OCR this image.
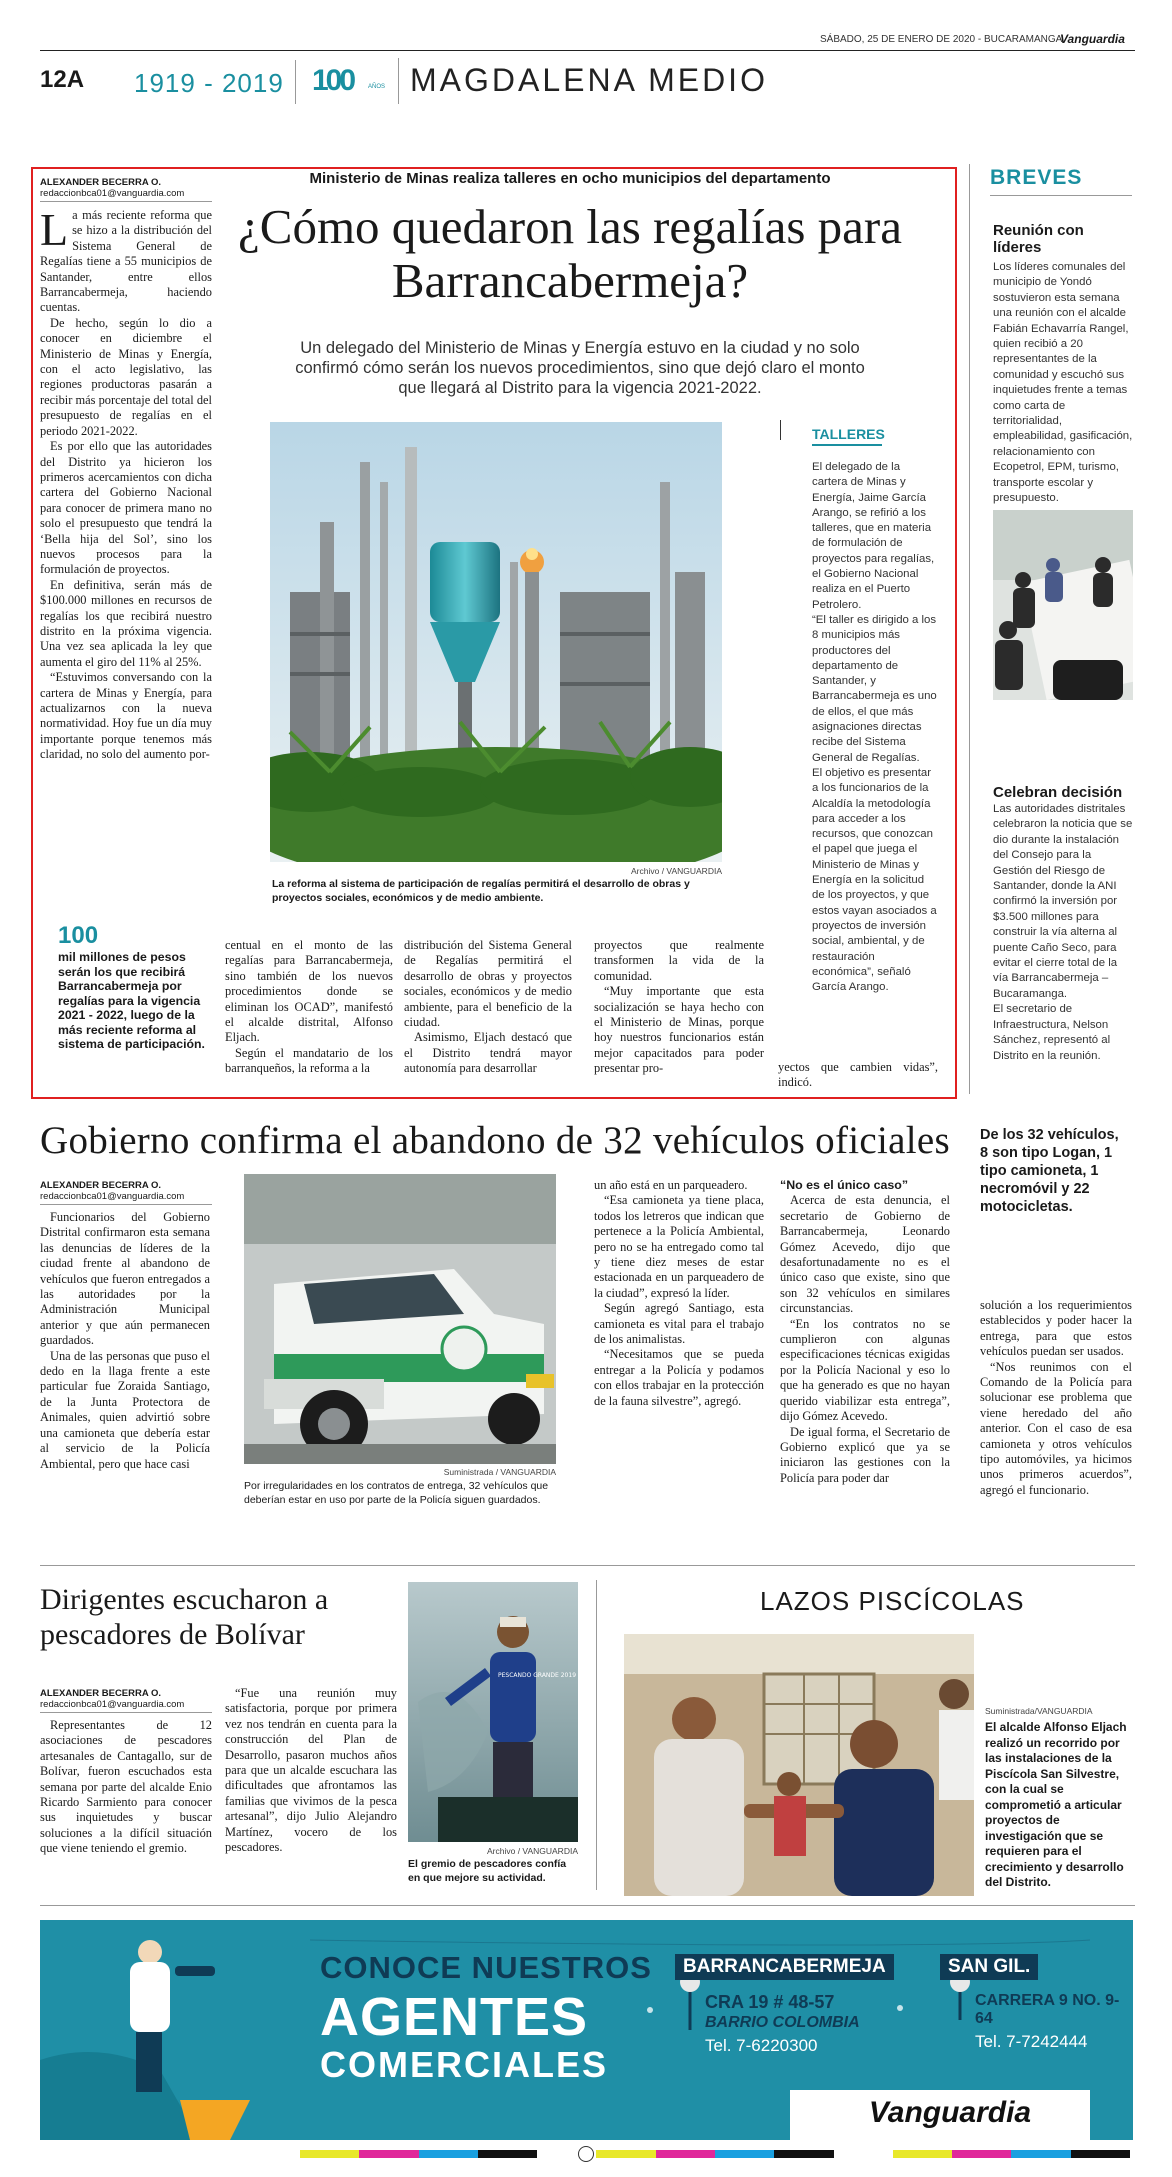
SÁBADO, 25 DE ENERO DE 2020 - BUCARAMANGA
Vanguardia
12A 1919 - 2019 100 AÑOS MAGDALENA MEDIO
ALEXANDER BECERRA O.
redaccionbca01@vanguardia.com
Ministerio de Minas realiza talleres en ocho municipios del departamento
¿Cómo quedaron las regalías para Barrancabermeja?
Un delegado del Ministerio de Minas y Energía estuvo en la ciudad y no solo confirmó cómo serán los nuevos procedimientos, sino que dejó claro el monto que llegará al Distrito para la vigencia 2021-2022.

La más reciente reforma que se hizo a la distribución del Sistema General de Regalías tiene a 55 municipios de Santander, entre ellos Barrancabermeja, haciendo cuentas.

De hecho, según lo dio a conocer en diciembre el Ministerio de Minas y Energía, con el acto legislativo, las regiones productoras pasarán a recibir más porcentaje del total del presupuesto de regalías en el periodo 2021-2022.

Es por ello que las autoridades del Distrito ya hicieron los primeros acercamientos con dicha cartera del Gobierno Nacional para conocer de primera mano no solo el presupuesto que tendrá la ‘Bella hija del Sol’, sino los nuevos procesos para la formulación de proyectos.

En definitiva, serán más de $100.000 millones en recursos de regalías los que recibirá nuestro distrito en la próxima vigencia. Una vez sea aplicada la ley que aumenta el giro del 11% al 25%.

“Estuvimos conversando con la cartera de Minas y Energía, para actualizarnos con la nueva normatividad. Hoy fue un día muy importante porque tenemos más claridad, no solo del aumento por-

100
mil millones de pesos serán los que recibirá Barrancabermeja por regalías para la vigencia 2021 - 2022, luego de la más reciente reforma al sistema de participación.
Archivo / VANGUARDIA
La reforma al sistema de participación de regalías permitirá el desarrollo de obras y proyectos sociales, económicos y de medio ambiente.

centual en el monto de las regalías para Barrancabermeja, sino también de los nuevos procedimientos donde se eliminan los OCAD”, manifestó el alcalde distrital, Alfonso Eljach.

Según el mandatario de los barranqueños, la reforma a la

distribución del Sistema General de Regalías permitirá el desarrollo de obras y proyectos sociales, económicos y de medio ambiente, para el beneficio de la ciudad.

Asimismo, Eljach destacó que el Distrito tendrá mayor autonomía para desarrollar

proyectos que realmente transformen la vida de la comunidad.

“Muy importante que esta socialización se haya hecho con el Ministerio de Minas, porque hoy nuestros funcionarios están mejor capacitados para poder presentar pro-	yectos que cambien vidas”, indicó.

TALLERES
El delegado de la cartera de Minas y Energía, Jaime García Arango, se refirió a los talleres, que en materia de formulación de proyectos para regalías, el Gobierno Nacional realiza en el Puerto Petrolero.
“El taller es dirigido a los 8 municipios más productores del departamento de Santander, y Barrancabermeja es uno de ellos, el que más asignaciones directas recibe del Sistema General de Regalías.
El objetivo es presentar a los funcionarios de la Alcaldía la metodología para acceder a los recursos, que conozcan el papel que juega el Ministerio de Minas y Energía en la solicitud de los proyectos, y que estos vayan asociados a proyectos de inversión social, ambiental, y de restauración económica”, señaló García Arango.
BREVES
Reunión con líderes
Los líderes comunales del municipio de Yondó sostuvieron esta semana una reunión con el alcalde Fabián Echavarría Rangel, quien recibió a 20 representantes de la comunidad y escuchó sus inquietudes frente a temas como carta de territorialidad, empleabilidad, gasificación, relacionamiento con Ecopetrol, EPM, turismo, transporte escolar y presupuesto.
Celebran decisión
Las autoridades distritales celebraron la noticia que se dio durante la instalación del Consejo para la Gestión del Riesgo de Santander, donde la ANI confirmó la inversión por $3.500 millones para construir la vía alterna al puente Caño Seco, para evitar el cierre total de la vía Barrancabermeja – Bucaramanga.
El secretario de Infraestructura, Nelson Sánchez, representó al Distrito en la reunión.
Gobierno confirma el abandono de 32 vehículos oficiales
ALEXANDER BECERRA O.
redaccionbca01@vanguardia.com

Funcionarios del Gobierno Distrital confirmaron esta semana las denuncias de líderes de la ciudad frente al abandono de vehículos que fueron entregados a las autoridades por la Administración Municipal anterior y que aún permanecen guardados.

Una de las personas que puso el dedo en la llaga frente a este particular fue Zoraida Santiago, de la Junta Protectora de Animales, quien advirtió sobre una camioneta que debería estar al servicio de la Policía Ambiental, pero que hace casi

Suministrada / VANGUARDIA
Por irregularidades en los contratos de entrega, 32 vehículos que deberían estar en uso por parte de la Policía siguen guardados.

un año está en un parqueadero.

“Esa camioneta ya tiene placa, todos los letreros que indican que pertenece a la Policía Ambiental, pero no se ha entregado como tal y tiene diez meses de estar estacionada en un parqueadero de la ciudad”, expresó la líder.

Según agregó Santiago, esta camioneta es vital para el trabajo de los animalistas.

“Necesitamos que se pueda entregar a la Policía y podamos con ellos trabajar en la protección de la fauna silvestre”, agregó.

“No es el único caso”

Acerca de esta denuncia, el secretario de Gobierno de Barrancabermeja, Leonardo Gómez Acevedo, dijo que desafortunadamente no es el único caso que existe, sino que son 32 vehículos en similares circunstancias.

“En los contratos no se cumplieron con algunas especificaciones técnicas exigidas por la Policía Nacional y eso lo que ha generado es que no hayan querido viabilizar esta entrega”, dijo Gómez Acevedo.

De igual forma, el Secretario de Gobierno explicó que ya se iniciaron las gestiones con la Policía para poder dar

De los 32 vehículos, 8 son tipo Logan, 1 tipo camioneta, 1 necromóvil y 22 motocicletas.

solución a los requerimientos establecidos y poder hacer la entrega, para que estos vehículos puedan ser usados.

“Nos reunimos con el Comando de la Policía para solucionar ese problema que viene heredado del año anterior. Con el caso de esa camioneta y otros vehículos tipo automóviles, ya hicimos unos primeros acuerdos”, agregó el funcionario.

Dirigentes escucharon a pescadores de Bolívar
ALEXANDER BECERRA O.
redaccionbca01@vanguardia.com

Representantes de 12 asociaciones de pescadores artesanales de Cantagallo, sur de Bolívar, fueron escuchados esta semana por parte del alcalde Enio Ricardo Sarmiento para conocer sus inquietudes y buscar soluciones a la difícil situación que viene teniendo el gremio.

“Fue una reunión muy satisfactoria, porque por primera vez nos tendrán en cuenta para la construcción del Plan de Desarrollo, pasaron muchos años para que un alcalde escuchara las dificultades que afrontamos las familias que vivimos de la pesca artesanal”, dijo Julio Alejandro Martínez, vocero de los pescadores.

PESCANDO GRANDE 2019
Archivo / VANGUARDIA
El gremio de pescadores confía en que mejore su actividad.
LAZOS PISCÍCOLAS
Suministrada/VANGUARDIA
El alcalde Alfonso Eljach realizó un recorrido por las instalaciones de la Piscícola San Silvestre, con la cual se comprometió a articular proyectos de investigación que se requieren para el crecimiento y desarrollo del Distrito.
CONOCE NUESTROS
AGENTES
COMERCIALES
BARRANCABERMEJA
CRA 19 # 48-57
BARRIO COLOMBIA
Tel. 7-6220300
SAN GIL.
CARRERA 9 NO. 9-64
Tel. 7-7242444
Vanguardia
